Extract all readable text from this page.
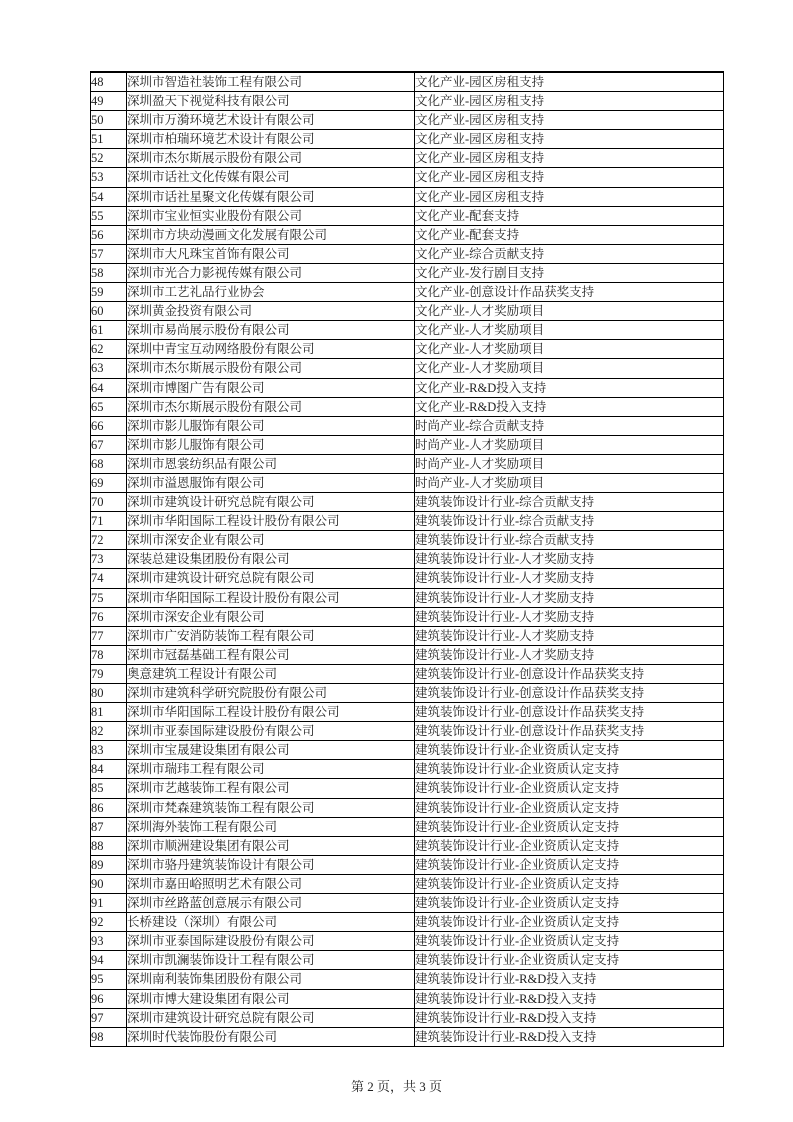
48	深圳市智造社装饰工程有限公司	文化产业-园区房租支持
49	深圳盈天下视觉科技有限公司	文化产业-园区房租支持
50	深圳市万漪环境艺术设计有限公司	文化产业-园区房租支持
51	深圳市柏瑞环境艺术设计有限公司	文化产业-园区房租支持
52	深圳市杰尔斯展示股份有限公司	文化产业-园区房租支持
53	深圳市话社文化传媒有限公司	文化产业-园区房租支持
54	深圳市话社星聚文化传媒有限公司	文化产业-园区房租支持
55	深圳市宝业恒实业股份有限公司	文化产业-配套支持
56	深圳市方块动漫画文化发展有限公司	文化产业-配套支持
57	深圳市大凡珠宝首饰有限公司	文化产业-综合贡献支持
58	深圳市光合力影视传媒有限公司	文化产业-发行剧目支持
59	深圳市工艺礼品行业协会	文化产业-创意设计作品获奖支持
60	深圳黄金投资有限公司	文化产业-人才奖励项目
61	深圳市易尚展示股份有限公司	文化产业-人才奖励项目
62	深圳中青宝互动网络股份有限公司	文化产业-人才奖励项目
63	深圳市杰尔斯展示股份有限公司	文化产业-人才奖励项目
64	深圳市博图广告有限公司	文化产业-R&D投入支持
65	深圳市杰尔斯展示股份有限公司	文化产业-R&D投入支持
66	深圳市影儿服饰有限公司	时尚产业-综合贡献支持
67	深圳市影儿服饰有限公司	时尚产业-人才奖励项目
68	深圳市恩裳纺织品有限公司	时尚产业-人才奖励项目
69	深圳市溢恩服饰有限公司	时尚产业-人才奖励项目
70	深圳市建筑设计研究总院有限公司	建筑装饰设计行业-综合贡献支持
71	深圳市华阳国际工程设计股份有限公司	建筑装饰设计行业-综合贡献支持
72	深圳市深安企业有限公司	建筑装饰设计行业-综合贡献支持
73	深装总建设集团股份有限公司	建筑装饰设计行业-人才奖励支持
74	深圳市建筑设计研究总院有限公司	建筑装饰设计行业-人才奖励支持
75	深圳市华阳国际工程设计股份有限公司	建筑装饰设计行业-人才奖励支持
76	深圳市深安企业有限公司	建筑装饰设计行业-人才奖励支持
77	深圳市广安消防装饰工程有限公司	建筑装饰设计行业-人才奖励支持
78	深圳市冠磊基础工程有限公司	建筑装饰设计行业-人才奖励支持
79	奥意建筑工程设计有限公司	建筑装饰设计行业-创意设计作品获奖支持
80	深圳市建筑科学研究院股份有限公司	建筑装饰设计行业-创意设计作品获奖支持
81	深圳市华阳国际工程设计股份有限公司	建筑装饰设计行业-创意设计作品获奖支持
82	深圳市亚泰国际建设股份有限公司	建筑装饰设计行业-创意设计作品获奖支持
83	深圳市宝晟建设集团有限公司	建筑装饰设计行业-企业资质认定支持
84	深圳市瑞玮工程有限公司	建筑装饰设计行业-企业资质认定支持
85	深圳市艺越装饰工程有限公司	建筑装饰设计行业-企业资质认定支持
86	深圳市梵森建筑装饰工程有限公司	建筑装饰设计行业-企业资质认定支持
87	深圳海外装饰工程有限公司	建筑装饰设计行业-企业资质认定支持
88	深圳市顺洲建设集团有限公司	建筑装饰设计行业-企业资质认定支持
89	深圳市骆丹建筑装饰设计有限公司	建筑装饰设计行业-企业资质认定支持
90	深圳市嘉田峪照明艺术有限公司	建筑装饰设计行业-企业资质认定支持
91	深圳市丝路蓝创意展示有限公司	建筑装饰设计行业-企业资质认定支持
92	长桥建设（深圳）有限公司	建筑装饰设计行业-企业资质认定支持
93	深圳市亚泰国际建设股份有限公司	建筑装饰设计行业-企业资质认定支持
94	深圳市凯澜装饰设计工程有限公司	建筑装饰设计行业-企业资质认定支持
95	深圳南利装饰集团股份有限公司	建筑装饰设计行业-R&D投入支持
96	深圳市博大建设集团有限公司	建筑装饰设计行业-R&D投入支持
97	深圳市建筑设计研究总院有限公司	建筑装饰设计行业-R&D投入支持
98	深圳时代装饰股份有限公司	建筑装饰设计行业-R&D投入支持
第 2 页，共 3 页
